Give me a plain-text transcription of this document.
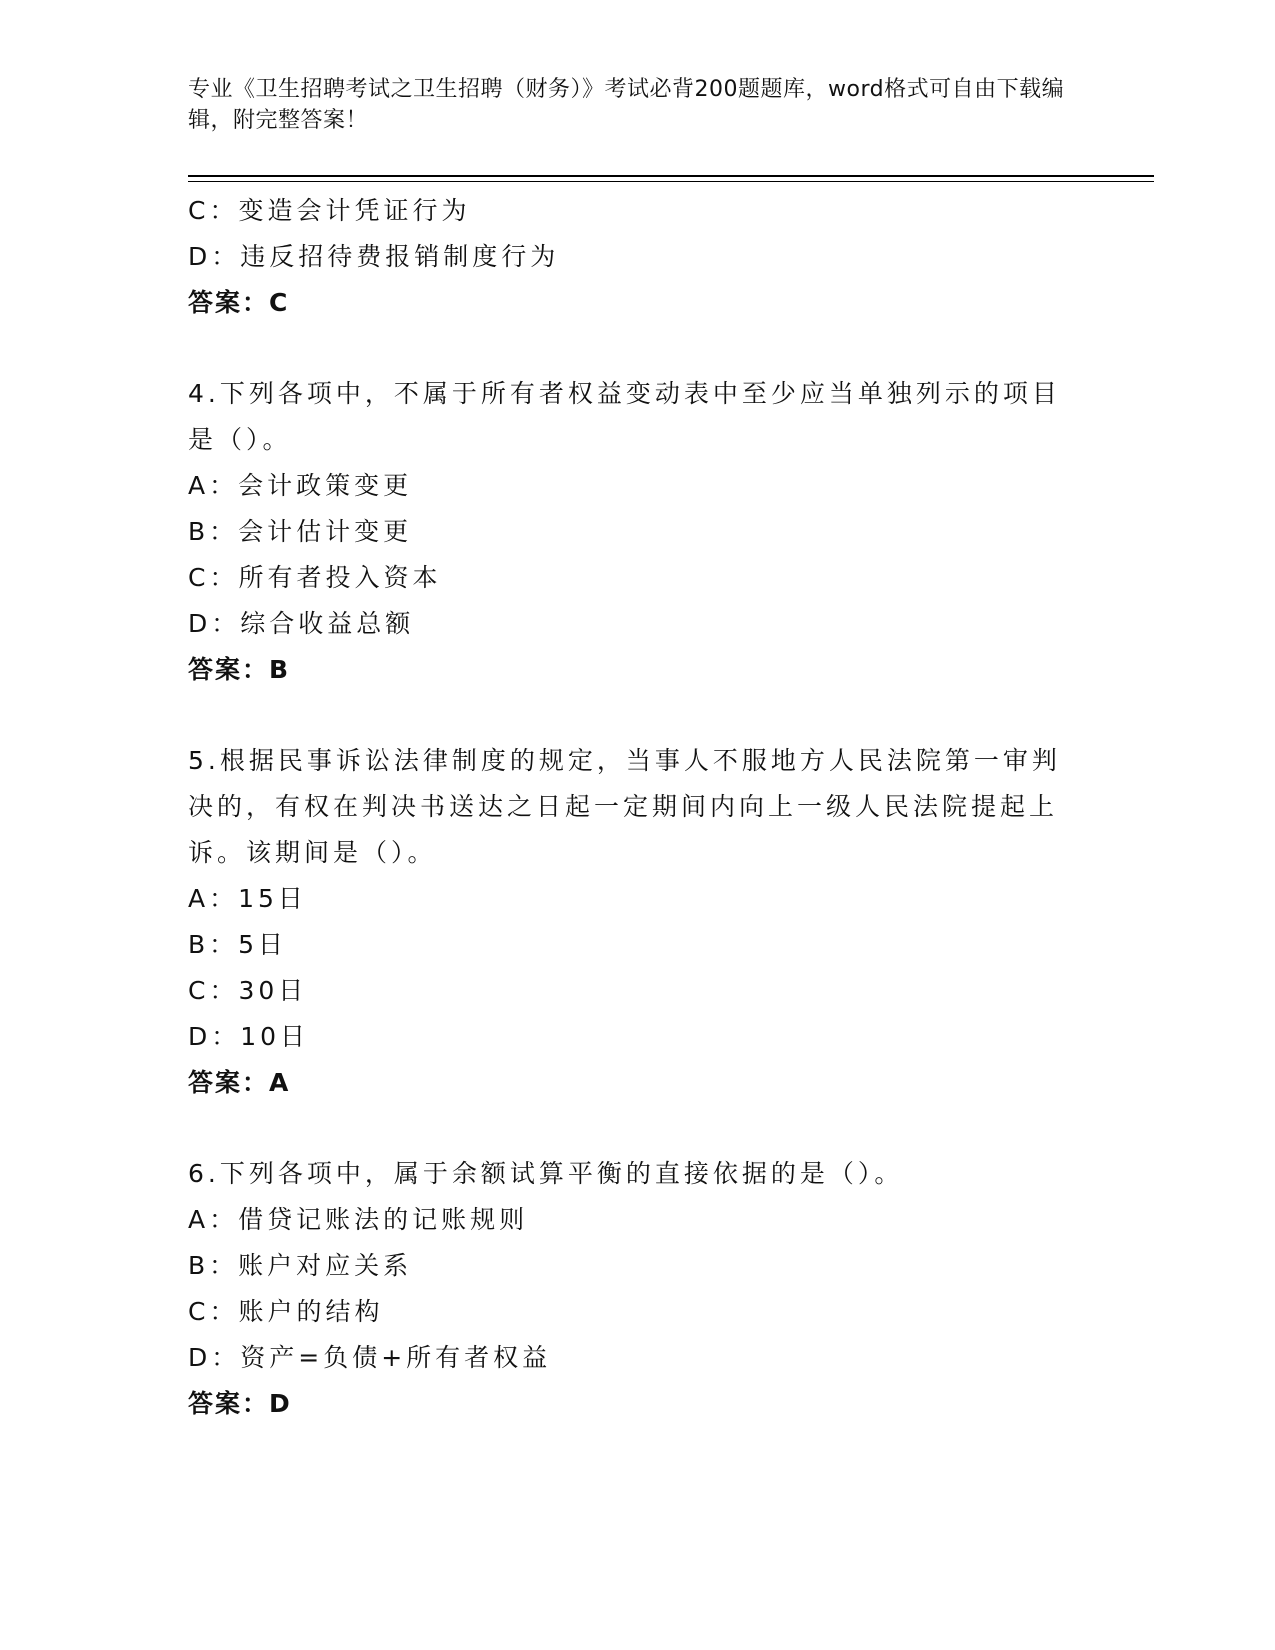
专业《卫生招聘考试之卫生招聘（财务）》考试必背200题题库，word格式可自由下载编辑，附完整答案！
C：变造会计凭证行为
D：违反招待费报销制度行为
答案：C
4.下列各项中，不属于所有者权益变动表中至少应当单独列示的项目
是（）。
A：会计政策变更
B：会计估计变更
C：所有者投入资本
D：综合收益总额
答案：B
5.根据民事诉讼法律制度的规定，当事人不服地方人民法院第一审判
决的，有权在判决书送达之日起一定期间内向上一级人民法院提起上
诉。该期间是（）。
A：15日
B：5日
C：30日
D：10日
答案：A
6.下列各项中，属于余额试算平衡的直接依据的是（）。
A：借贷记账法的记账规则
B：账户对应关系
C：账户的结构
D：资产=负债+所有者权益
答案：D
